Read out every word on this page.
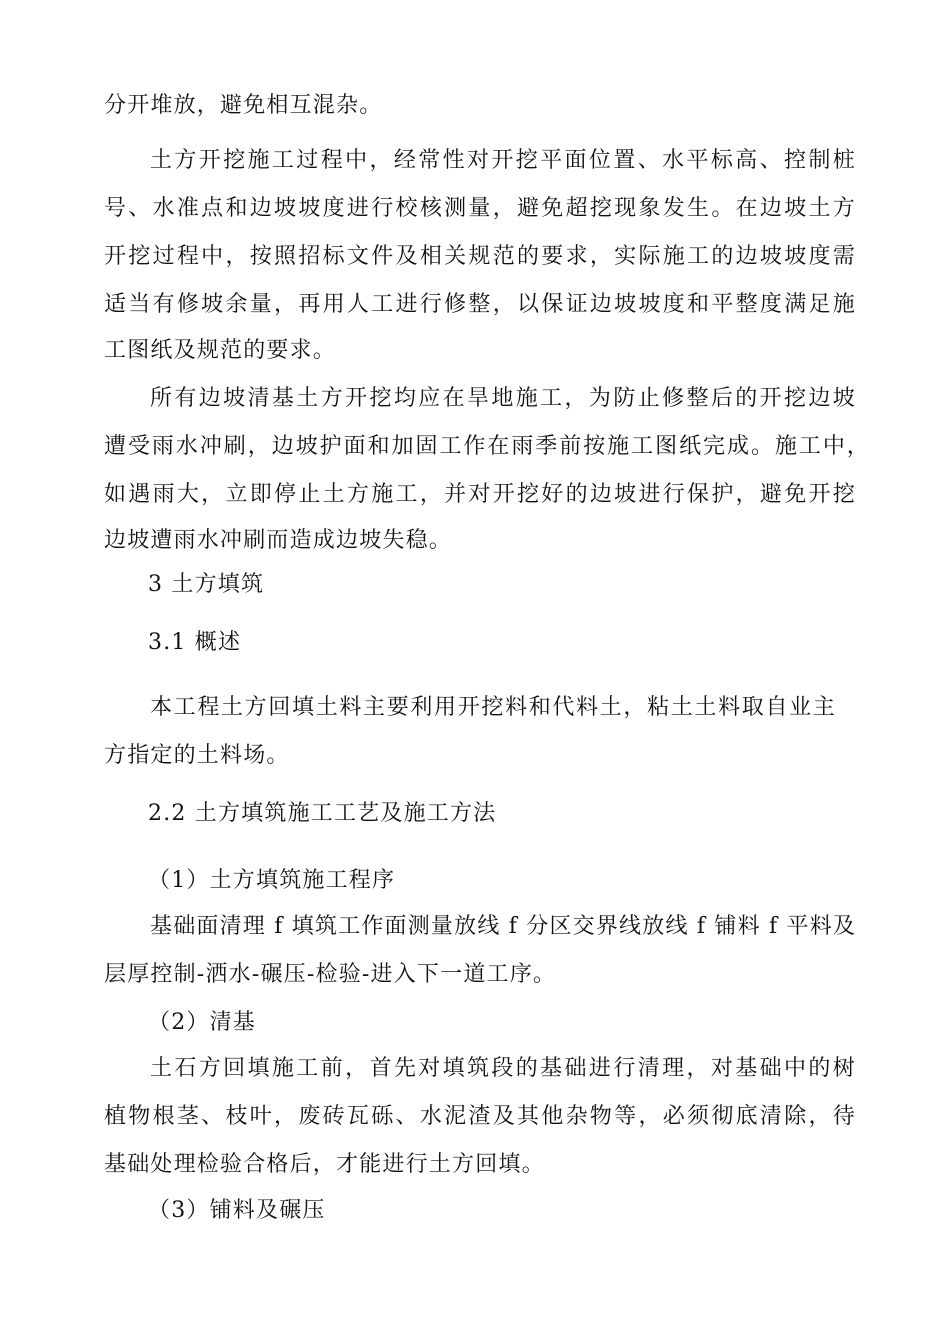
分开堆放，避免相互混杂。
土方开挖施工过程中，经常性对开挖平面位置、水平标高、控制桩
号、水准点和边坡坡度进行校核测量，避免超挖现象发生。在边坡土方
开挖过程中，按照招标文件及相关规范的要求，实际施工的边坡坡度需
适当有修坡余量，再用人工进行修整，以保证边坡坡度和平整度满足施
工图纸及规范的要求。
所有边坡清基土方开挖均应在旱地施工，为防止修整后的开挖边坡
遭受雨水冲刷，边坡护面和加固工作在雨季前按施工图纸完成。施工中，
如遇雨大，立即停止土方施工，并对开挖好的边坡进行保护，避免开挖
边坡遭雨水冲刷而造成边坡失稳。
3 土方填筑
3.1 概述
本工程土方回填土料主要利用开挖料和代料土，粘土土料取自业主
方指定的土料场。
2.2 土方填筑施工工艺及施工方法
（1）土方填筑施工程序
基础面清理 f 填筑工作面测量放线 f 分区交界线放线 f 铺料 f 平料及
层厚控制-洒水-碾压-检验-进入下一道工序。
（2）清基
土石方回填施工前，首先对填筑段的基础进行清理，对基础中的树
植物根茎、枝叶，废砖瓦砾、水泥渣及其他杂物等，必须彻底清除，待
基础处理检验合格后，才能进行土方回填。
（3）铺料及碾压
